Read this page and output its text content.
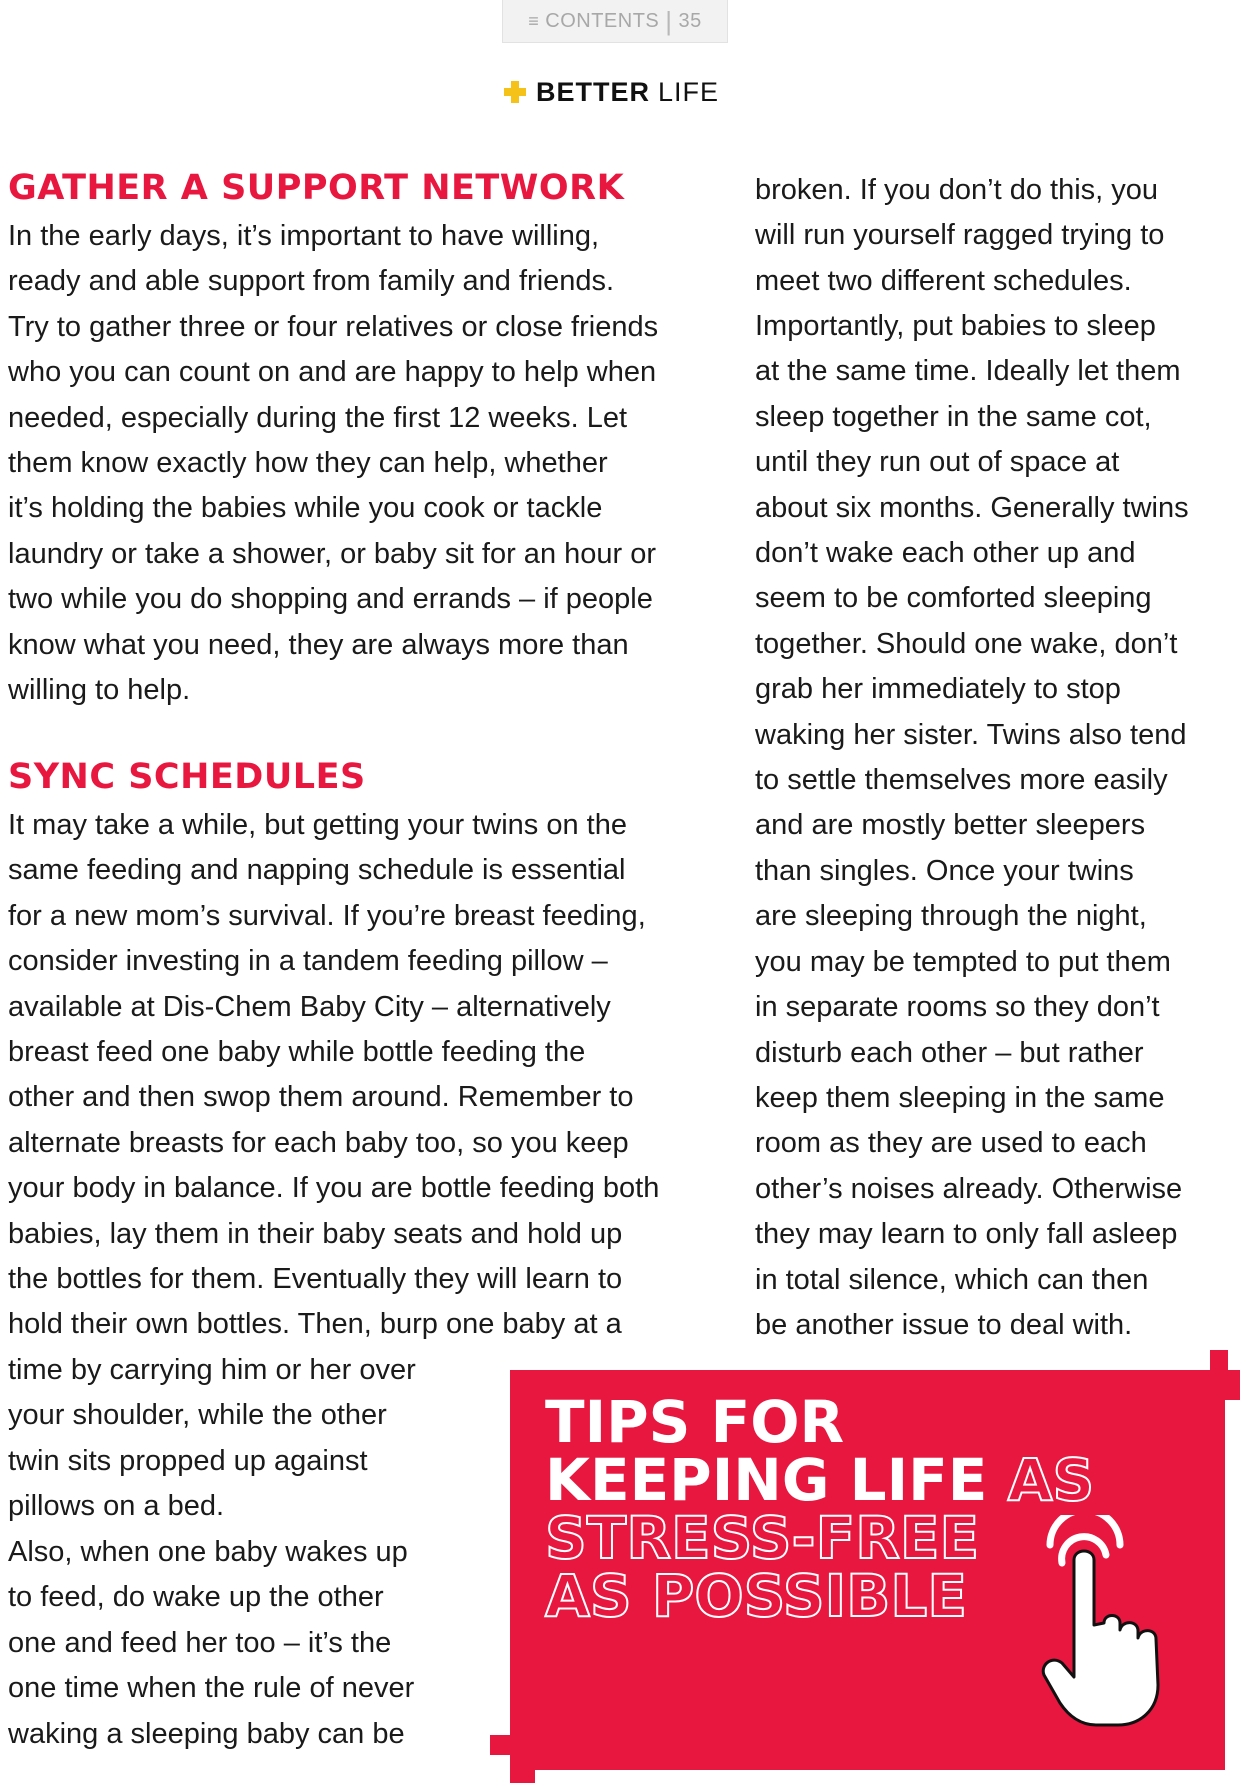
≡ CONTENTS | 35
BETTER LIFE
GATHER A SUPPORT NETWORK

In the early days, it’s important to have willing,
ready and able support from family and friends.
Try to gather three or four relatives or close friends
who you can count on and are happy to help when
needed, especially during the first 12 weeks. Let
them know exactly how they can help, whether
it’s holding the babies while you cook or tackle
laundry or take a shower, or baby sit for an hour or
two while you do shopping and errands – if people
know what you need, they are always more than
willing to help.

SYNC SCHEDULES

It may take a while, but getting your twins on the
same feeding and napping schedule is essential
for a new mom’s survival. If you’re breast feeding,
consider investing in a tandem feeding pillow –
available at Dis-Chem Baby City – alternatively
breast feed one baby while bottle feeding the
other and then swop them around. Remember to
alternate breasts for each baby too, so you keep
your body in balance. If you are bottle feeding both
babies, lay them in their baby seats and hold up
the bottles for them. Eventually they will learn to
hold their own bottles. Then, burp one baby at a

time by carrying him or her over
your shoulder, while the other
twin sits propped up against
pillows on a bed.

Also, when one baby wakes up
to feed, do wake up the other
one and feed her too – it’s the
one time when the rule of never
waking a sleeping baby can be

broken. If you don’t do this, you
will run yourself ragged trying to
meet two different schedules.

Importantly, put babies to sleep
at the same time. Ideally let them
sleep together in the same cot,
until they run out of space at
about six months. Generally twins
don’t wake each other up and
seem to be comforted sleeping
together. Should one wake, don’t
grab her immediately to stop
waking her sister. Twins also tend
to settle themselves more easily
and are mostly better sleepers
than singles. Once your twins
are sleeping through the night,
you may be tempted to put them
in separate rooms so they don’t
disturb each other – but rather
keep them sleeping in the same
room as they are used to each
other’s noises already. Otherwise
they may learn to only fall asleep
in total silence, which can then
be another issue to deal with.

TIPS FOR
KEEPING LIFE AS
STRESS-FREE
AS POSSIBLE
